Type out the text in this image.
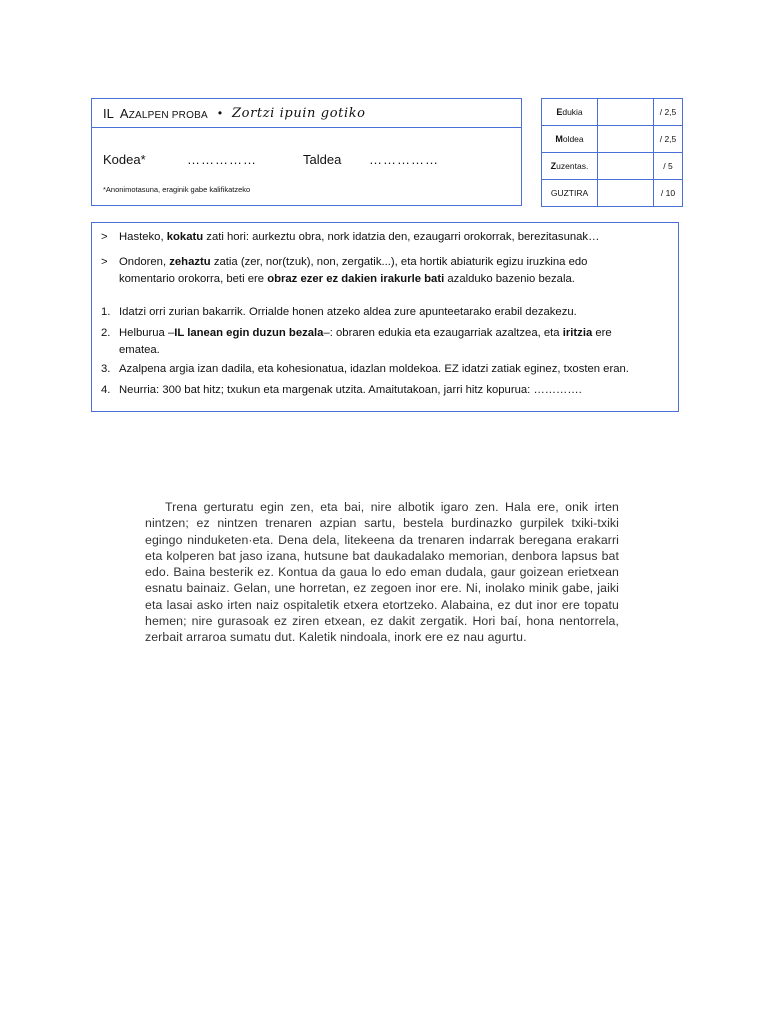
IL AZALPEN PROBA • Zortzi ipuin gotiko
Kodea*	……………	Taldea ……………
*Anonimotasuna, eraginik gabe kalifikatzeko
Edukia		/ 2,5
Moldea		/ 2,5
Zuzentas.		/ 5
GUZTIRA		/ 10
> Hasteko, kokatu zati hori: aurkeztu obra, nork idatzia den, ezaugarri orokorrak, berezitasunak…
> Ondoren, zehaztu zatia (zer, nor(tzuk), non, zergatik...), eta hortik abiaturik egizu iruzkina edo
komentario orokorra, beti ere obraz ezer ez dakien irakurle bati azalduko bazenio bezala.
1. Idatzi orri zurian bakarrik. Orrialde honen atzeko aldea zure apunteetarako erabil dezakezu.
2. Helburua –IL lanean egin duzun bezala–: obraren edukia eta ezaugarriak azaltzea, eta iritzia ere
ematea.
3. Azalpena argia izan dadila, eta kohesionatua, idazlan moldekoa. EZ idatzi zatiak eginez, txosten eran.
4. Neurria: 300 bat hitz; txukun eta margenak utzita. Amaitutakoan, jarri hitz kopurua: ………….
Trena gerturatu egin zen, eta bai, nire albotik igaro zen. Hala ere, onik irten nintzen; ez nintzen trenaren azpian sartu, bestela burdinazko gurpilek txiki-txiki egingo ninduketen·eta. Dena dela, litekeena da trenaren indarrak beregana erakarri eta kolperen bat jaso izana, hutsune bat daukadalako memorian, denbora lapsus bat edo. Baina besterik ez. Kontua da gaua lo edo eman dudala, gaur goizean erietxean esnatu bainaiz. Gelan, une horretan, ez zegoen inor ere. Ni, inolako minik gabe, jaiki eta lasai asko irten naiz ospitaletik etxera etortzeko. Alabaina, ez dut inor ere topatu hemen; nire gurasoak ez ziren etxean, ez dakit zergatik. Hori baí, hona nentorrela, zerbait arraroa sumatu dut. Kaletik nindoala, inork ere ez nau agurtu.
